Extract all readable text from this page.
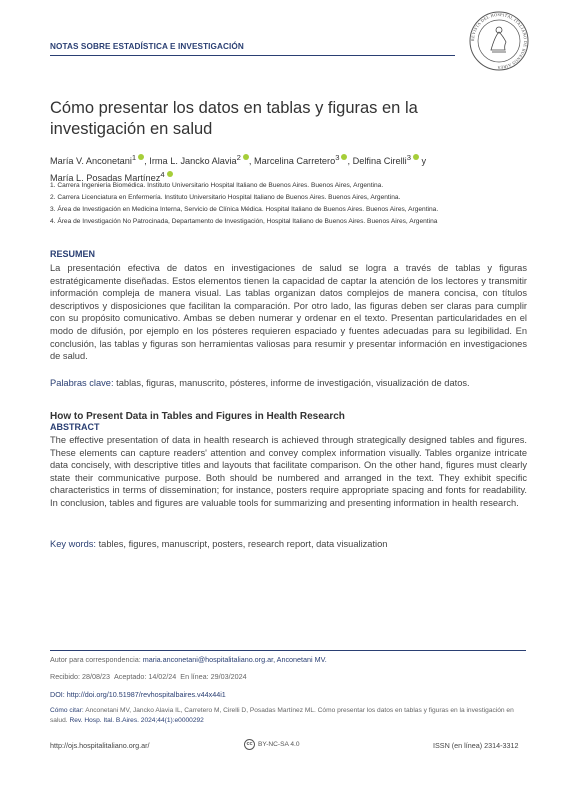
NOTAS SOBRE ESTADÍSTICA E INVESTIGACIÓN
REVISTA DEL HOSPITAL ITALIANO DE BUENOS AIRES
Cómo presentar los datos en tablas y figuras en la investigación en salud
María V. Anconetani$^1$ , Irma L. Jancko Alavia$^2$ , Marcelina Carretero$^3$ , Delfina Cirelli$^3$ y
María L. Posadas Martínez$^4$
1. Carrera Ingeniería Biomédica. Instituto Universitario Hospital Italiano de Buenos Aires. Buenos Aires, Argentina.
2. Carrera Licenciatura en Enfermería. Instituto Universitario Hospital Italiano de Buenos Aires. Buenos Aires, Argentina.
3. Área de Investigación en Medicina Interna, Servicio de Clínica Médica. Hospital Italiano de Buenos Aires. Buenos Aires, Argentina.
4. Área de Investigación No Patrocinada, Departamento de Investigación, Hospital Italiano de Buenos Aires. Buenos Aires, Argentina
RESUMEN
La presentación efectiva de datos en investigaciones de salud se logra a través de tablas y figuras estratégicamente diseñadas. Estos elementos tienen la capacidad de captar la atención de los lectores y transmitir información compleja de manera visual. Las tablas organizan datos complejos de manera concisa, con títulos descriptivos y disposiciones que facilitan la comparación. Por otro lado, las figuras deben ser claras para cumplir con su propósito comunicativo. Ambas se deben numerar y ordenar en el texto. Presentan particularidades en el modo de difusión, por ejemplo en los pósteres requieren espaciado y fuentes adecuadas para su legibilidad. En conclusión, las tablas y figuras son herramientas valiosas para resumir y presentar información en investigaciones de salud.
Palabras clave: tablas, figuras, manuscrito, pósteres, informe de investigación, visualización de datos.
How to Present Data in Tables and Figures in Health Research
ABSTRACT
The effective presentation of data in health research is achieved through strategically designed tables and figures. These elements can capture readers' attention and convey complex information visually. Tables organize intricate data concisely, with descriptive titles and layouts that facilitate comparison. On the other hand, figures must clearly state their communicative purpose. Both should be numbered and arranged in the text. They exhibit specific characteristics in terms of dissemination; for instance, posters require appropriate spacing and fonts for readability. In conclusion, tables and figures are valuable tools for summarizing and presenting information in health research.
Key words: tables, figures, manuscript, posters, research report, data visualization
Autor para correspondencia: maria.anconetani@hospitalitaliano.org.ar, Anconetani MV.
Recibido: 28/08/23 Aceptado: 14/02/24 En línea: 29/03/2024
DOI: http://doi.org/10.51987/revhospitalbaires.v44x44i1
Cómo citar: Anconetani MV, Jancko Alavia IL, Carretero M, Cirelli D, Posadas Martínez ML. Cómo presentar los datos en tablas y figuras en la investigación en salud. Rev. Hosp. Ital. B.Aires. 2024;44(1):e0000292
http://ojs.hospitalitaliano.org.ar/	cc BY-NC-SA 4.0	ISSN (en línea) 2314-3312
